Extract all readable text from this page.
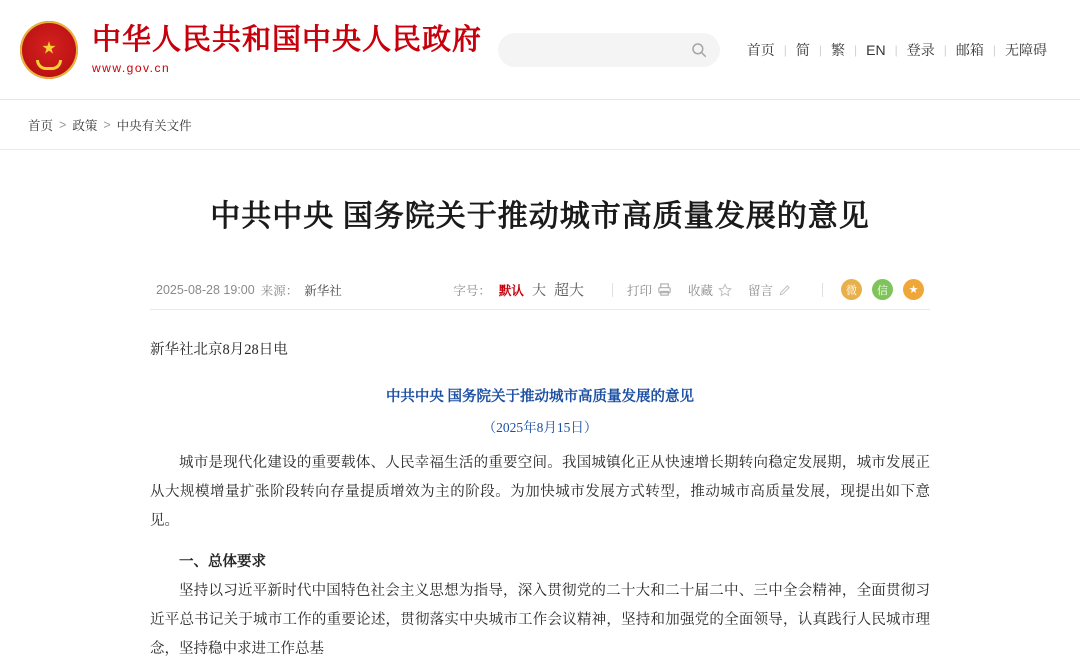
★ 中华人民共和国中央人民政府
www.gov.cn
首页 | 简 | 繁 | EN | 登录 | 邮箱 | 无障碍
首页 > 政策 > 中央有关文件
中共中央 国务院关于推动城市高质量发展的意见
2025-08-28 19:00 来源： 新华社	字号： 默认 大 超大	打印	收藏	留言	微	信	★
新华社北京8月28日电
中共中央 国务院关于推动城市高质量发展的意见
（2025年8月15日）

城市是现代化建设的重要载体、人民幸福生活的重要空间。我国城镇化正从快速增长期转向稳定发展期，城市发展正从大规模增量扩张阶段转向存量提质增效为主的阶段。为加快城市发展方式转型，推动城市高质量发展，现提出如下意见。

一、总体要求

坚持以习近平新时代中国特色社会主义思想为指导，深入贯彻党的二十大和二十届二中、三中全会精神，全面贯彻习近平总书记关于城市工作的重要论述，贯彻落实中央城市工作会议精神，坚持和加强党的全面领导，认真践行人民城市理念，坚持稳中求进工作总基
